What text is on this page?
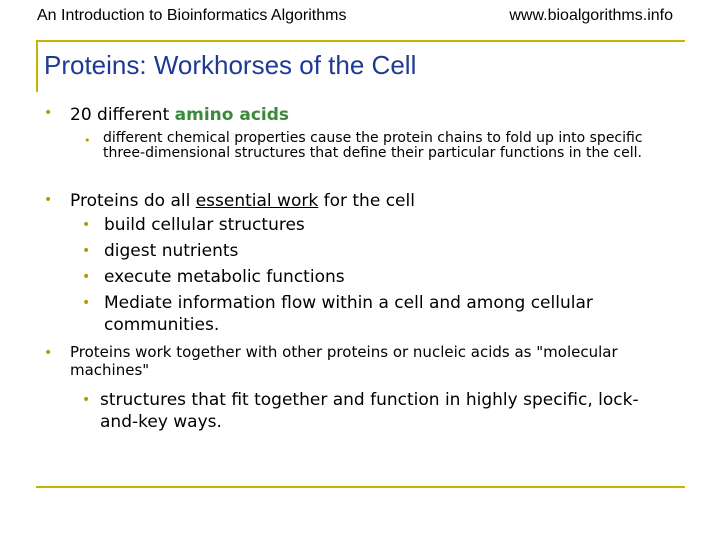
An Introduction to Bioinformatics Algorithms	www.bioalgorithms.info
Proteins: Workhorses of the Cell
• 20 different amino acids
• different chemical properties cause the protein chains to fold up into specific three-dimensional structures that define their particular functions in the cell.
• Proteins do all essential work for the cell
• build cellular structures
• digest nutrients
• execute metabolic functions
• Mediate information flow within a cell and among cellular communities.
• Proteins work together with other proteins or nucleic acids as "molecular machines"
• structures that fit together and function in highly specific, lock-and-key ways.
